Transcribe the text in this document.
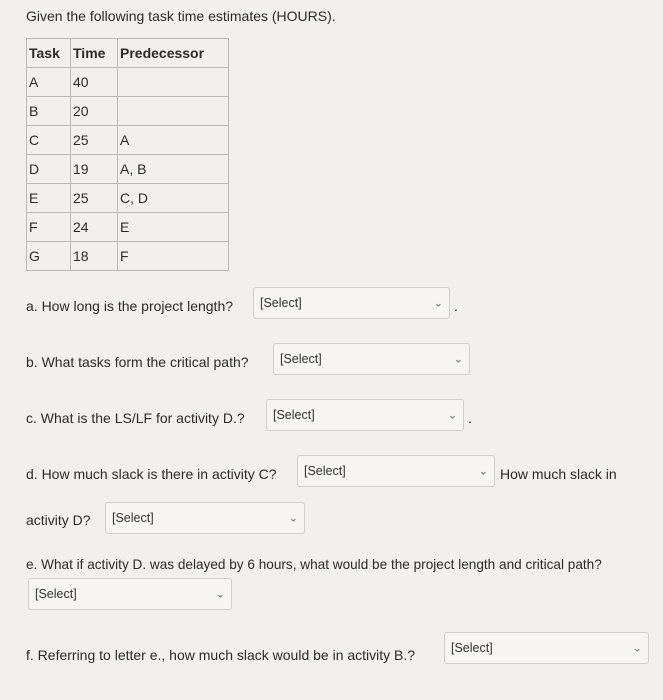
Given the following task time estimates (HOURS).
Task	Time	Predecessor
A	40	
B	20	
C	25	A
D	19	A, B
E	25	C, D
F	24	E
G	18	F
a. How long is the project length? [Select]	⌄ .
b. What tasks form the critical path?	[Select]	⌄
c. What is the LS/LF for activity D.? [Select]	⌄ .
d. How much slack is there in activity C? [Select]	⌄ How much slack in
activity D? [Select]	⌄
e. What if activity D. was delayed by 6 hours, what would be the project length and critical path?
[Select]	⌄
f. Referring to letter e., how much slack would be in activity B.?	[Select]	⌄
